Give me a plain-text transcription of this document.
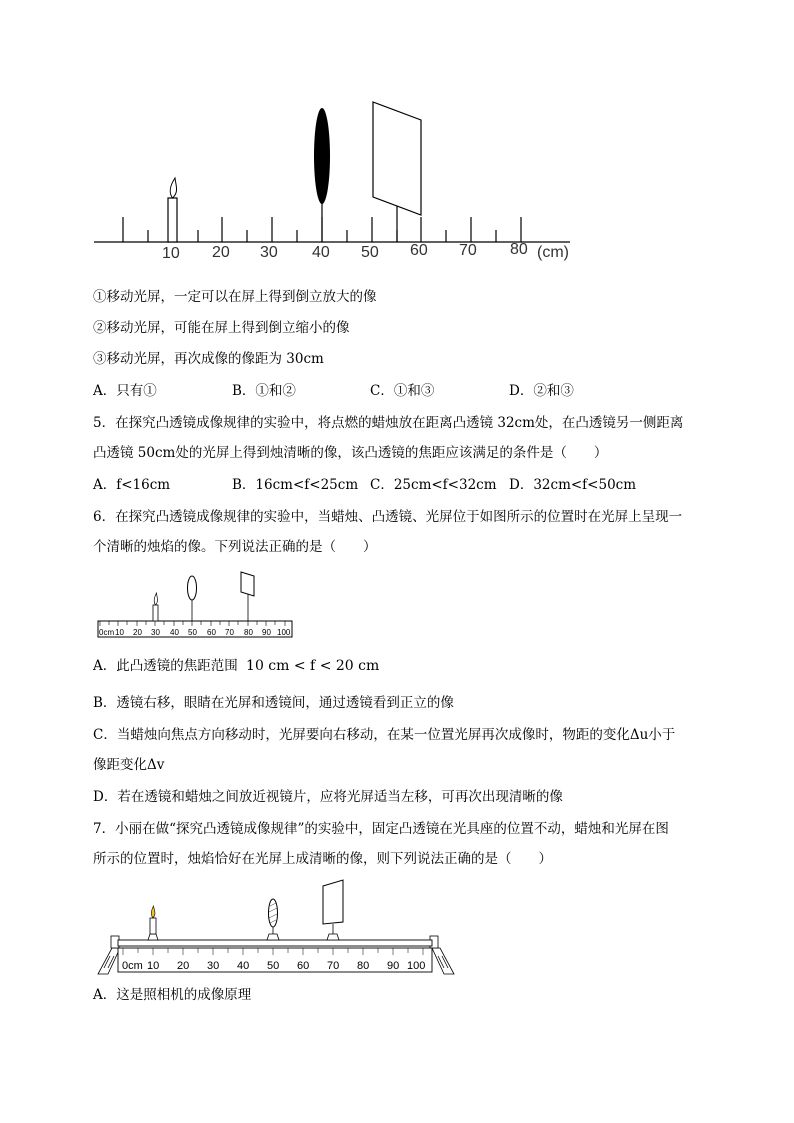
10 20 30 40 50 60 70 80 (cm)
①移动光屏，一定可以在屏上得到倒立放大的像
②移动光屏，可能在屏上得到倒立缩小的像
③移动光屏，再次成像的像距为 30cm
A．只有①	B．①和②	C．①和③	D．②和③
5．在探究凸透镜成像规律的实验中，将点燃的蜡烛放在距离凸透镜 32cm处，在凸透镜另一侧距离
凸透镜 50cm处的光屏上得到烛清晰的像，该凸透镜的焦距应该满足的条件是（　　）
A．f<16cm	B．16cm<f<25cm C．25cm<f<32cm D．32cm<f<50cm
6．在探究凸透镜成像规律的实验中，当蜡烛、凸透镜、光屏位于如图所示的位置时在光屏上呈现一
个清晰的烛焰的像。下列说法正确的是（　　）
0cm 10 20 30 40 50 60 70 80 90 100
A．此凸透镜的焦距范围 10 cm < f < 20 cm
B．透镜右移，眼睛在光屏和透镜间，通过透镜看到正立的像
C．当蜡烛向焦点方向移动时，光屏要向右移动，在某一位置光屏再次成像时，物距的变化Δu小于
像距变化Δv
D．若在透镜和蜡烛之间放近视镜片，应将光屏适当左移，可再次出现清晰的像
7．小丽在做“探究凸透镜成像规律”的实验中，固定凸透镜在光具座的位置不动，蜡烛和光屏在图
所示的位置时，烛焰恰好在光屏上成清晰的像，则下列说法正确的是（　　）
0cm 10 20 30 40 50 60 70 80 90 100
A．这是照相机的成像原理
